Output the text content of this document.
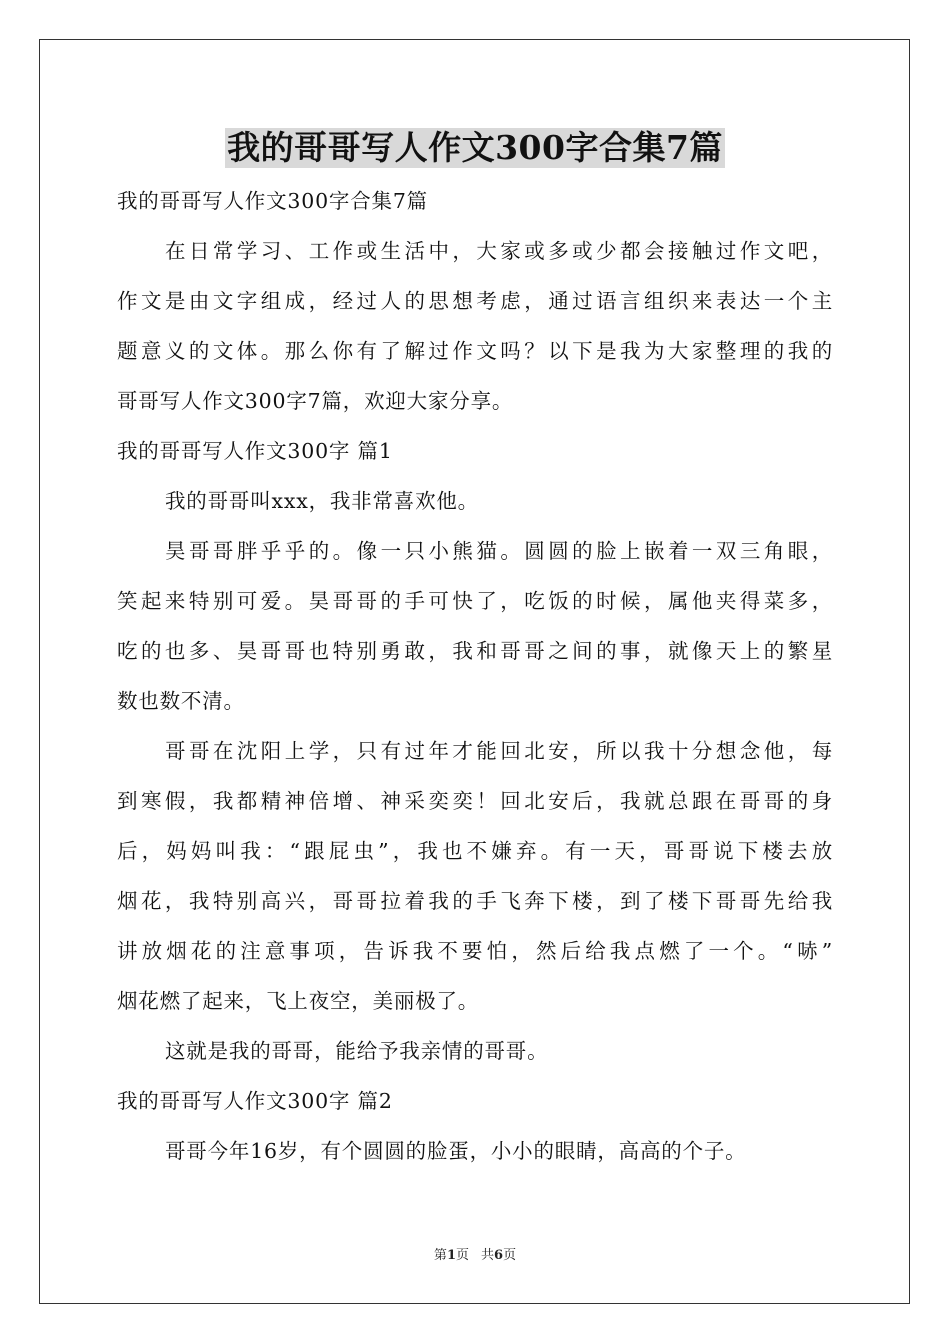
我的哥哥写人作文300字合集7篇
我的哥哥写人作文300字合集7篇
在日常学习、工作或生活中，大家或多或少都会接触过作文吧，
作文是由文字组成，经过人的思想考虑，通过语言组织来表达一个主
题意义的文体。那么你有了解过作文吗？以下是我为大家整理的我的
哥哥写人作文300字7篇，欢迎大家分享。
我的哥哥写人作文300字 篇1
我的哥哥叫xxx，我非常喜欢他。
昊哥哥胖乎乎的。像一只小熊猫。圆圆的脸上嵌着一双三角眼，
笑起来特别可爱。昊哥哥的手可快了，吃饭的时候，属他夹得菜多，
吃的也多、昊哥哥也特别勇敢，我和哥哥之间的事，就像天上的繁星
数也数不清。
哥哥在沈阳上学，只有过年才能回北安，所以我十分想念他，每
到寒假，我都精神倍增、神采奕奕！回北安后，我就总跟在哥哥的身
后，妈妈叫我：“跟屁虫”，我也不嫌弃。有一天，哥哥说下楼去放
烟花，我特别高兴，哥哥拉着我的手飞奔下楼，到了楼下哥哥先给我
讲放烟花的注意事项，告诉我不要怕，然后给我点燃了一个。“哧”
烟花燃了起来，飞上夜空，美丽极了。
这就是我的哥哥，能给予我亲情的哥哥。
我的哥哥写人作文300字 篇2
哥哥今年16岁，有个圆圆的脸蛋，小小的眼睛，高高的个子。
第1页 共6页
